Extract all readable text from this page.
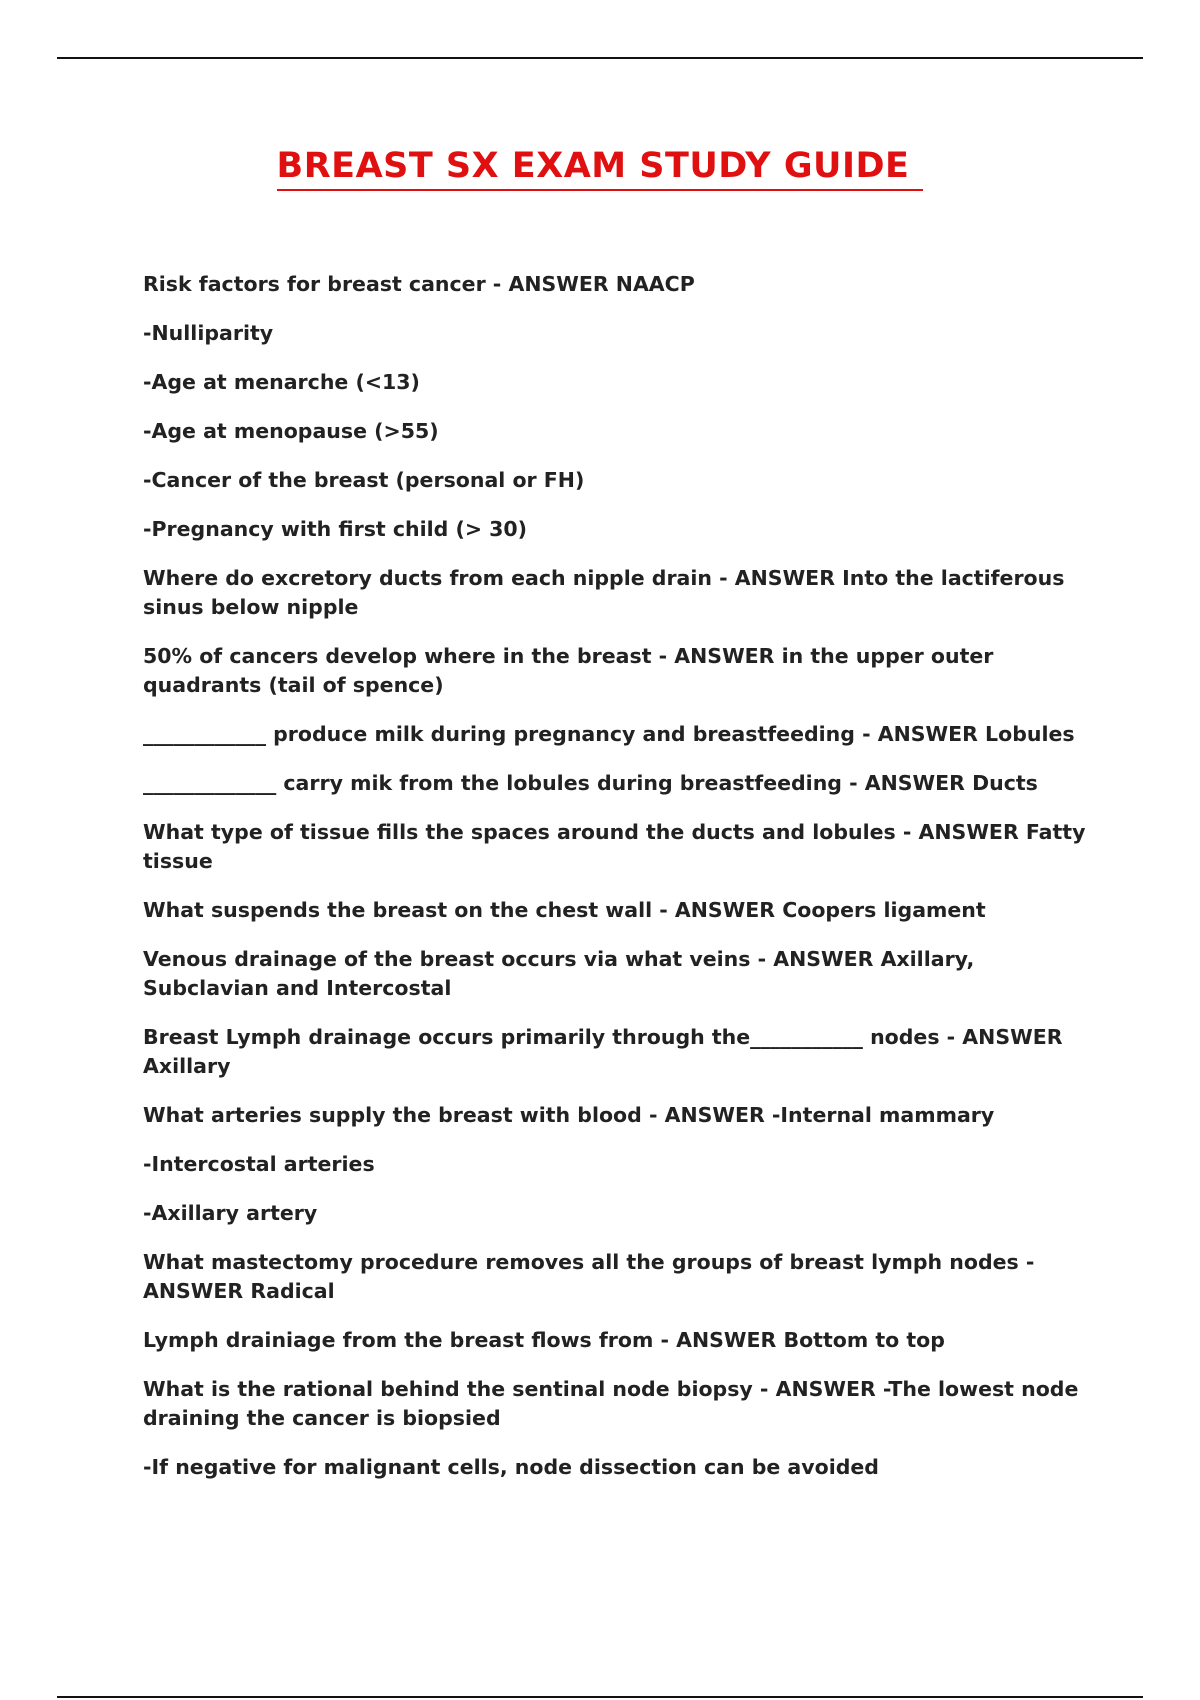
BREAST SX EXAM STUDY GUIDE

Risk factors for breast cancer - ANSWER NAACP

-Nulliparity

-Age at menarche (<13)

-Age at menopause (>55)

-Cancer of the breast (personal or FH)

-Pregnancy with first child (> 30)

Where do excretory ducts from each nipple drain - ANSWER Into the lactiferous sinus below nipple

50% of cancers develop where in the breast - ANSWER in the upper outer quadrants (tail of spence)

____________ produce milk during pregnancy and breastfeeding - ANSWER Lobules

_____________ carry mik from the lobules during breastfeeding - ANSWER Ducts

What type of tissue fills the spaces around the ducts and lobules - ANSWER Fatty tissue

What suspends the breast on the chest wall - ANSWER Coopers ligament

Venous drainage of the breast occurs via what veins - ANSWER Axillary, Subclavian and Intercostal

Breast Lymph drainage occurs primarily through the___________ nodes - ANSWER Axillary

What arteries supply the breast with blood - ANSWER -Internal mammary

-Intercostal arteries

-Axillary artery

What mastectomy procedure removes all the groups of breast lymph nodes - ANSWER Radical

Lymph drainiage from the breast flows from - ANSWER Bottom to top

What is the rational behind the sentinal node biopsy - ANSWER -The lowest node draining the cancer is biopsied

-If negative for malignant cells, node dissection can be avoided
